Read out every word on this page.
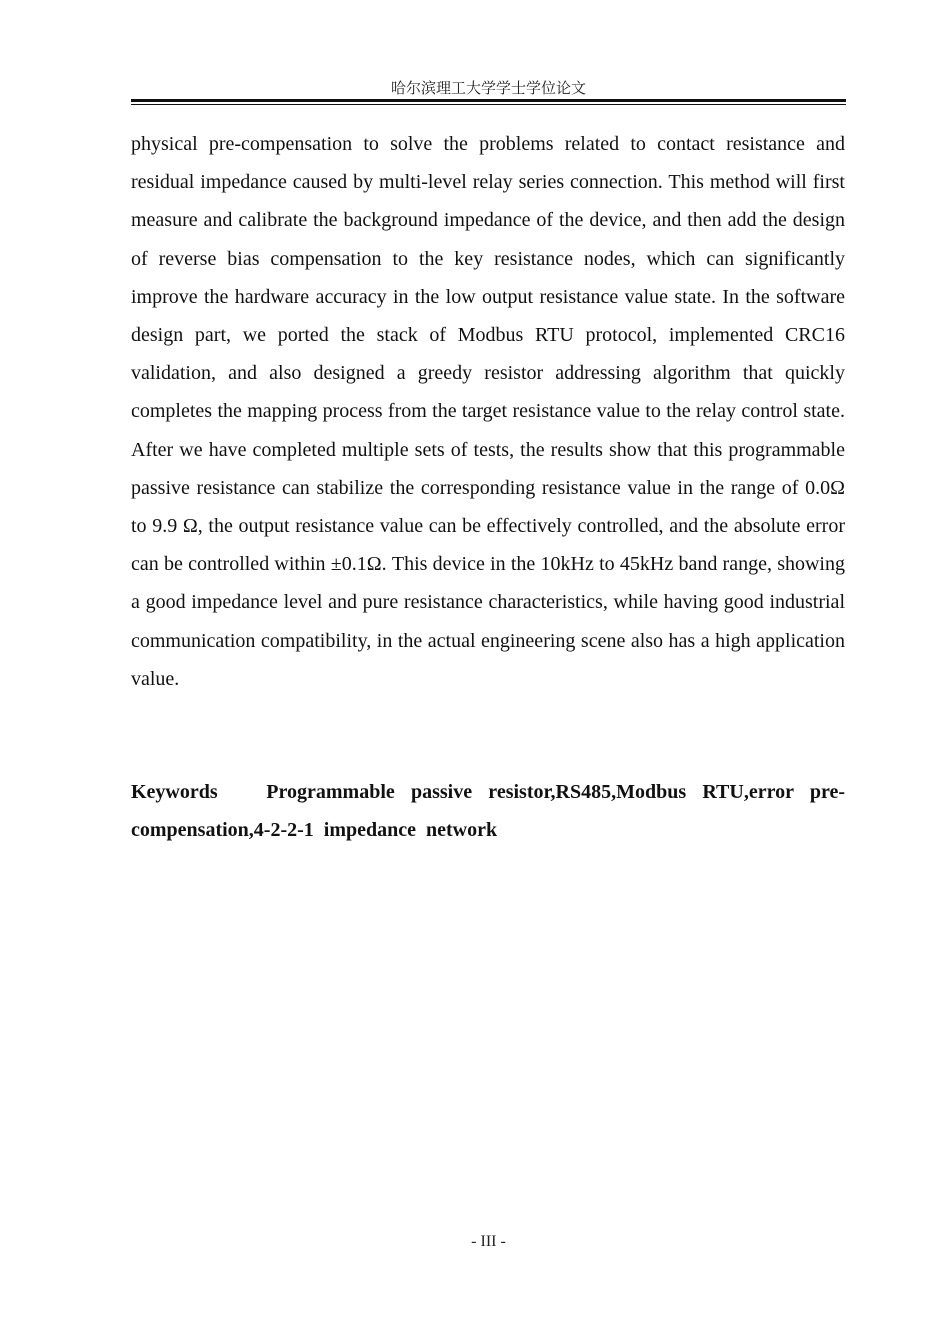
哈尔滨理工大学学士学位论文

physical pre-compensation to solve the problems related to contact resistance and residual impedance caused by multi-level relay series connection. This method will first measure and calibrate the background impedance of the device, and then add the design of reverse bias compensation to the key resistance nodes, which can significantly improve the hardware accuracy in the low output resistance value state. In the software design part, we ported the stack of Modbus RTU protocol, implemented CRC16 validation, and also designed a greedy resistor addressing algorithm that quickly completes the mapping process from the target resistance value to the relay control state. After we have completed multiple sets of tests, the results show that this programmable passive resistance can stabilize the corresponding resistance value in the range of 0.0Ω to 9.9 Ω, the output resistance value can be effectively controlled, and the absolute error can be controlled within ±0.1Ω. This device in the 10kHz to 45kHz band range, showing a good impedance level and pure resistance characteristics, while having good industrial communication compatibility, in the actual engineering scene also has a high application value.

Keywords Programmable passive resistor,RS485,Modbus RTU,error pre-compensation,4-2-2-1  impedance  network

- III -
